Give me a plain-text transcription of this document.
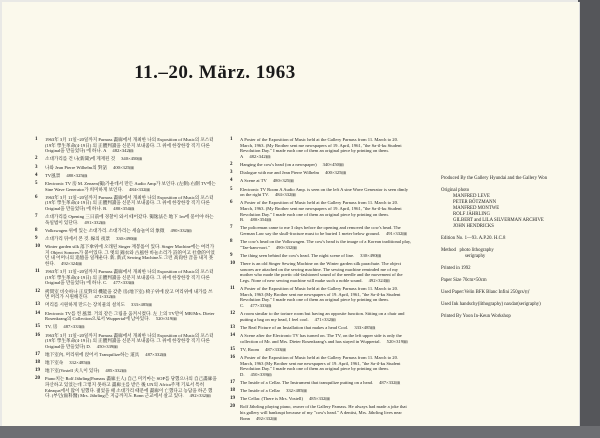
11.–20. März. 1963
1	1963年 3月 11일~20일까지 Parnass 畵廊에서 개최한 나의 Exposition of Music의 포스터 (19年 學生革命(4·19日) 의 正體判讀을 신문지 보내줌다. 그 위에 한장한장 직기 다른 Original을 만들었다) 에 하나. A 482×342㎜
2	소대가리를 건 나(新聞)에 게재된 것 340×450㎜
3	나와 Jean Pierre Wilhelm의 對話 400×325㎜
4	TV風景 480×325㎜
5	Electronic TV 房 M. Zenzen(獨)가운데서 만든 Audio Amp가 보인다. (左側) 右側 TV에는 Sine Wave Generator가 희미하게 보인다. 484×332㎜
6	1963年 3月 11일~20일까지 Parnass 畵廊에서 개최한 나의 Exposition of Music의 포스터 (19年 學生革命(4·19日) 의 正體判讀을 신문지 보내줌다. 그 위에 한장한장 직기 다른 Original을 만들었다) 에 하나. B. 480×354㎜
7	소대가리를 Opening 三日前에 경찰이 와서 떼어갔다. 獨逸法은 地下 1m에 묻어야 하는 독일법이 있단다. 491×332㎜
8	Volkswagen 위에 있는 소대가리. 소대가리는 세습놀이의 象徵 490×332㎜
9	소대가리 뒤에서 본 것. 線의 夜景 330×490㎜
10	Winter garden silk 落下傘위에 오래된 Singer 재봉틀이 있다. Singer Machine에는 여러가지 Object Sonores가 붙어있다. 그 옛의 錦衣와 古風한 바늘소리가 詩的이고 社會的이었던 내 어머니의 追憶을 일깨운다. 新, 新式 Sewing Machine도 그런 高尙한 音을 내지 못한다. 492×324㎜
11	1963年 3月 11일~20일까지 Parnass 畵廊에서 개최한 나의 Exposition of Music의 포스터 (19年 學生革命(4·19日) 의 正體判讀을 신문지 보내줌다. 그 위에 한장한장 직기 다른 Original을 만들었다) 에 하나. C. 477×333㎜
12	拷問室 비슷하나 正反對의 機能을 갖춘 房(地下室) 椅子위에 앉고 머리위에 내가를 쓰면 머리가 시원해진다. 471×332㎜
13	머리를 시원하게 만드는 장치물의 설치도 333×485㎜
14	Electronic TV를 켠 風景. 거의 같은 그림을 움켜시켰다. 左 上의 TV만이 MR/Mrs. Dieter Rosenkrang의 Collection으로서 Wuppertal에 남아있다. 520×319㎜
15	TV, 房 487×333㎜
16	1963年 3月 11일~20일까지 Parnass 畵廊에서 개최한 나의 Exposition of Music의 포스터 (19年 學生革命(4·19日) 의 正體判讀을 신문지 보내줌다. 그 위에 한장한장 직기 다른 Original을 만들었다) D. 450×339㎜
17	地下室內, 머리위에 얹어서 Tranquilize하는 道具 487×332㎜
18	地下室속 332×485㎜
19	地下室(Vostell 夫人이 있다) 485×332㎜
20	Piano치는 Rolf Jährling(Parnass 畵廊主人) 自己 미키마는 SOP를 당했으나의 自己畵廊을 파산하고 있었는데 그렇지 못하고 畵廊主를 받은 後 UN의 Africa주재 기로서 특히 Edeaqus에서 많이 일했다. 젊었을 때 소대가리 때문에 畵廊이 亡했다고 농담을 하곤 했다. (부인(齒科醫) Mrs. Jährling은 지금까지도 Bonn 근교에서 살고 있다. 492×332㎜
1	A Poster of the Exposition of Music held at the Gallery Parnass from 11. March to 20. March, 1963. (My Brother sent me newspapers of 19. April, 1961, "the Sa-il-ku Student Revolution Day." I made each one of them an original piece by printing on them. A 482×342㎜
2	Hanging the cow's head (on a newspaper) 340×450㎜
3	Dialogue with me and Jean Pierre Wilhelm 400×325㎜
4	A Scene at TV 480×325㎜
5	Electronic TV Room A Audio Amp. is seen on the left A sine Wave Generator is seen dimly on the right TV. 484×332㎜
6	A Poster of the Exposition of Music held at the Gallery Parnass from 11. March to 20. March, 1963. (My Brother sent me newspapers of 19. April, 1961, "the Sa-il-ku Student Revolution Day." I made each one of them an original piece by printing on them. B. 480×354㎜
7	The policeman came to me 3 days before the opening and removed the cow's head. The German Law say the skull-fracture must to be buried 1 meter below ground. 491×332㎜
8	The cow's head on the Volkswagen. The cow's head is the image of a Korean traditional play, "Tae-kam-nori." 490×332㎜
9	The thing seen behind the cow's head. The night scene of line. 330×490㎜
10	There is an old Singer Sewing Machine on the Winter garden silk parachute. The object sonores are attached on the sewing machine. The sewing machine reminded me of my mother who made the poetic old-fashioned sound of the needle and the movement of the Legs. None of new sewing machine will make such a noble sound. 492×324㎜
11	A Poster of the Exposition of Music held at the Gallery Parnass from 11. March to 20. March, 1963 (My Brother sent me newspapers of 19. April, 1961, "the Sa-il-ku Student Revolution Day." I made each one of them an original piece by printing on them. C. 477×333㎜
12	A room similar to the torture room but having an opposite function. Sitting on a chair and putting a bag on my head, I feel cool. 471×332㎜
13	The Real Picture of an Installation that makes a head Cool. 333×485㎜
14	A Scene after the Electronic TV has turned on. The TV, on the left upper side is only the collection of Mr. and Mrs. Dieter Rosenkrang's and has stayed in Wuppertal. 520×319㎜
15	TV, Room 487×333㎜
16	A Poster of the Exposition of Music held at the Gallery Parnass from 11. March to 20. March, 1963 (My Brother sent me newspapers of 19. April, 1961, "the Sa-il-ku Student Revolution Day." I made each one of them an original piece by printing on them. D. 450×339㎜
17	The Inside of a Cellar. The Instrument that tranquilize putting on a head. 487×332㎜
18	The Inside of a Cellar 332×485㎜
19	The Cellar. (There is Mrs. Vostell) 485×332㎜
20	Rolf Jährling playing piano, owner of the Gallery Parnass. He always had made a joke that his gallery will bankrupt because of my "cow's head." A dentist, Mrs. Jährling lives near Bonn 492×332㎜
Produced By the Gallery Hyundai and the Gallery Won
Original photo
MANFRED LEVE
PETER BÖTZMANN
MANFRED MONTWE
ROLF JÄHRLING
GILBERT and LILA SILVERMAN ARCHIVE
JOHN HENDRICKS
Edition No. 1—93. A.P.20. H.C.8
Method photo lithography
serigraphy
Printed in 1992
Paper Size 70cm×50cm
Used Paper:Velin BFK Blanc Infini 250grs/㎡
Used Ink handschy(lithography) naxdar(serigraphy)
Printed By Yoon In-Keun Workshop
